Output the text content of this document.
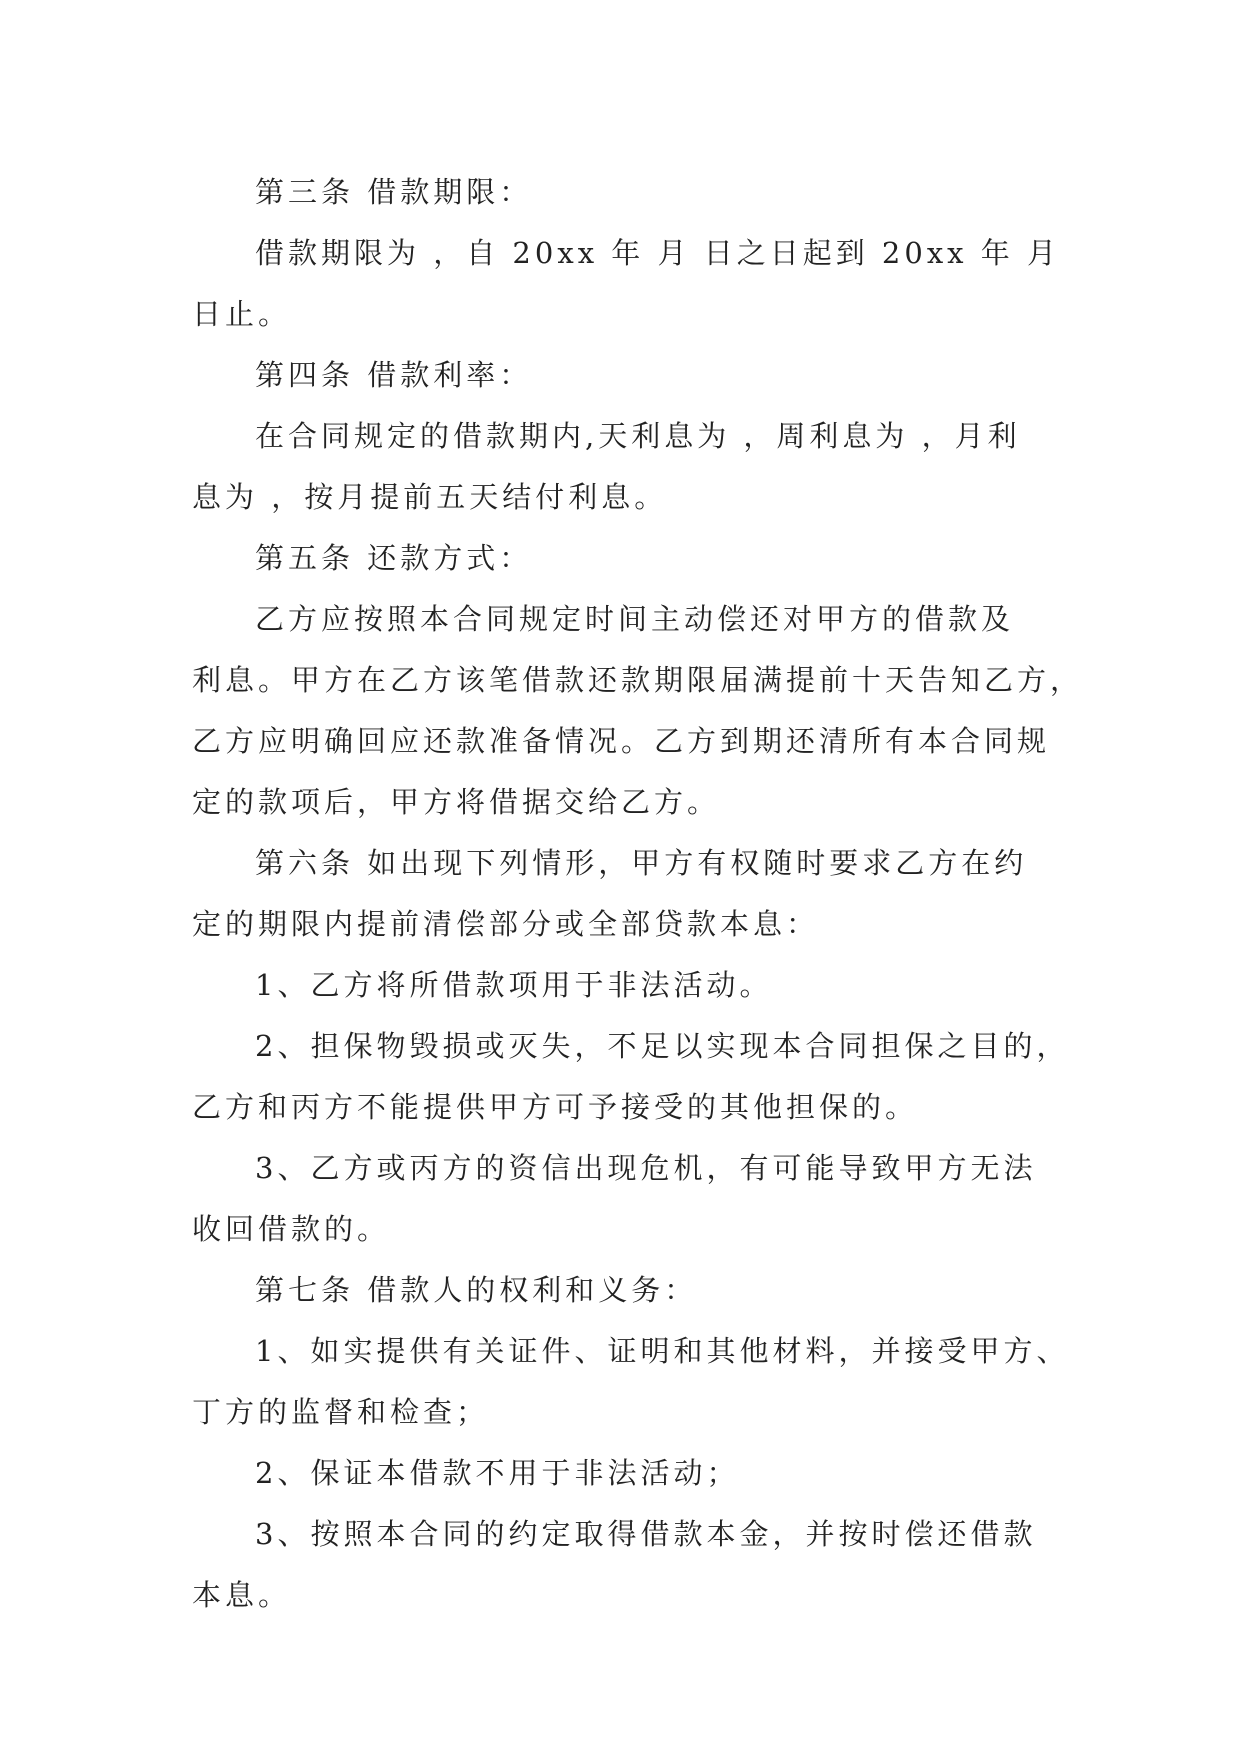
第三条 借款期限：
借款期限为 ，自 20xx 年 月 日之日起到 20xx 年 月
日止。
第四条 借款利率：
在合同规定的借款期内,天利息为 ，周利息为 ，月利
息为 ，按月提前五天结付利息。
第五条 还款方式：
乙方应按照本合同规定时间主动偿还对甲方的借款及
利息。甲方在乙方该笔借款还款期限届满提前十天告知乙方，
乙方应明确回应还款准备情况。乙方到期还清所有本合同规
定的款项后，甲方将借据交给乙方。
第六条 如出现下列情形，甲方有权随时要求乙方在约
定的期限内提前清偿部分或全部贷款本息：
1、乙方将所借款项用于非法活动。
2、担保物毁损或灭失，不足以实现本合同担保之目的，
乙方和丙方不能提供甲方可予接受的其他担保的。
3、乙方或丙方的资信出现危机，有可能导致甲方无法
收回借款的。
第七条 借款人的权利和义务：
1、如实提供有关证件、证明和其他材料，并接受甲方、
丁方的监督和检查；
2、保证本借款不用于非法活动；
3、按照本合同的约定取得借款本金，并按时偿还借款
本息。
